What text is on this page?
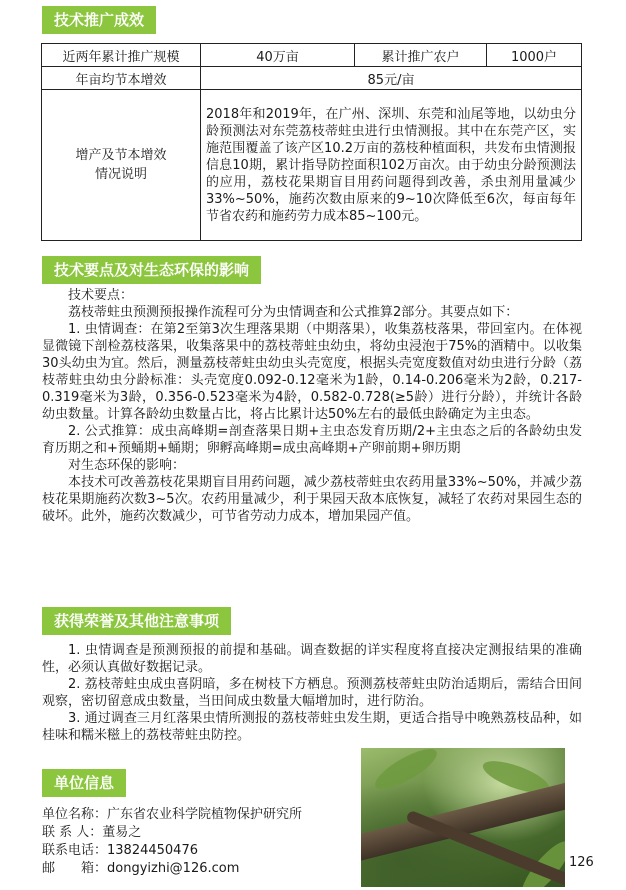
技术推广成效
近两年累计推广规模	40万亩	累计推广农户	1000户
年亩均节本增效	85元/亩		
增产及节本增效
情况说明	2018年和2019年，在广州、深圳、东莞和汕尾等地，以幼虫分龄预测法对东莞荔枝蒂蛀虫进行虫情测报。其中在东莞产区，实施范围覆盖了该产区10.2万亩的荔枝种植面积，共发布虫情测报信息10期，累计指导防控面积102万亩次。由于幼虫分龄预测法的应用，荔枝花果期盲目用药问题得到改善，杀虫剂用量减少33%~50%，施药次数由原来的9~10次降低至6次，每亩每年节省农药和施药劳力成本85~100元。		
技术要点及对生态环保的影响

技术要点：

荔枝蒂蛀虫预测预报操作流程可分为虫情调查和公式推算2部分。其要点如下：

1. 虫情调查：在第2至第3次生理落果期（中期落果），收集荔枝落果，带回室内。在体视显微镜下剖检荔枝落果，收集落果中的荔枝蒂蛀虫幼虫，将幼虫浸泡于75%的酒精中。以收集30头幼虫为宜。然后，测量荔枝蒂蛀虫幼虫头壳宽度，根据头壳宽度数值对幼虫进行分龄（荔枝蒂蛀虫幼虫分龄标准：头壳宽度0.092-0.12毫米为1龄，0.14-0.206毫米为2龄，0.217-0.319毫米为3龄，0.356-0.523毫米为4龄，0.582-0.728(≥5龄）进行分龄），并统计各龄幼虫数量。计算各龄幼虫数量占比，将占比累计达50%左右的最低虫龄确定为主虫态。

2. 公式推算：成虫高峰期=剖查落果日期+主虫态发育历期/2+主虫态之后的各龄幼虫发育历期之和+预蛹期+蛹期；卵孵高峰期=成虫高峰期+产卵前期+卵历期

对生态环保的影响：

本技术可改善荔枝花果期盲目用药问题，减少荔枝蒂蛀虫农药用量33%~50%，并减少荔枝花果期施药次数3~5次。农药用量减少，利于果园天敌本底恢复，减轻了农药对果园生态的破坏。此外，施药次数减少，可节省劳动力成本，增加果园产值。

获得荣誉及其他注意事项

1. 虫情调查是预测预报的前提和基础。调查数据的详实程度将直接决定测报结果的准确性，必须认真做好数据记录。

2. 荔枝蒂蛀虫成虫喜阴暗，多在树枝下方栖息。预测荔枝蒂蛀虫防治适期后，需结合田间观察，密切留意成虫数量，当田间成虫数量大幅增加时，进行防治。

3. 通过调查三月红落果虫情所测报的荔枝蒂蛀虫发生期，更适合指导中晚熟荔枝品种，如桂味和糯米糍上的荔枝蒂蛀虫防控。

单位信息
单位名称：广东省农业科学院植物保护研究所
联 系 人：董易之
联系电话：13824450476
邮　　箱：dongyizhi@126.com	126
